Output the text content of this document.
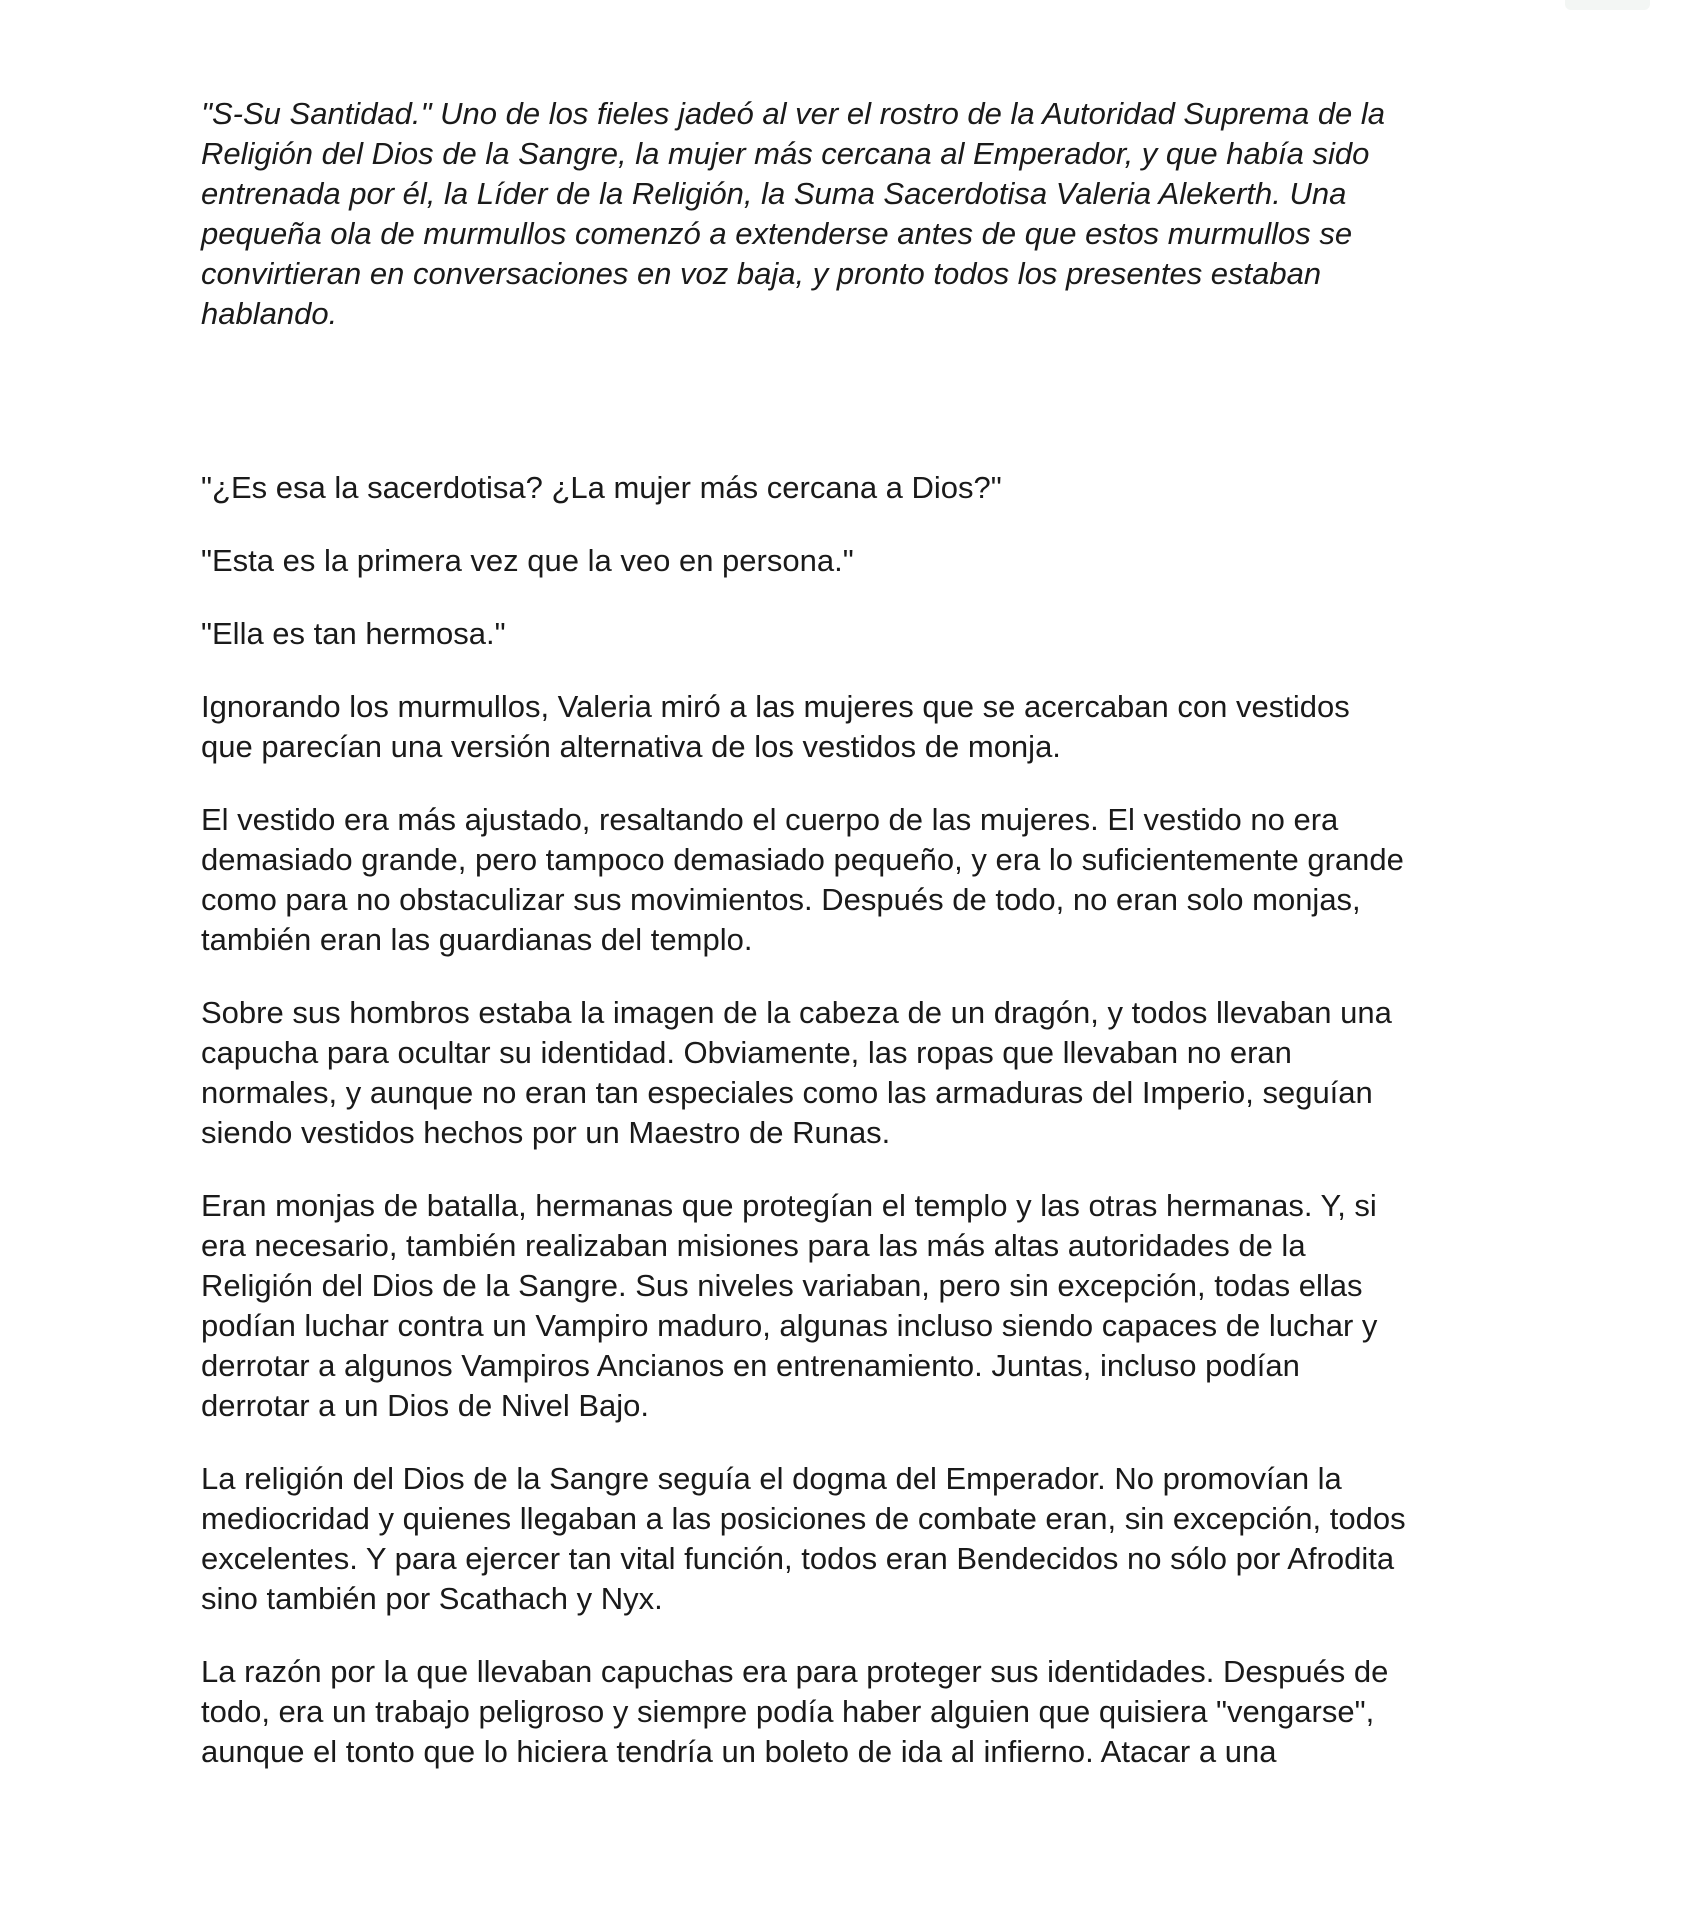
"S-Su Santidad." Uno de los fieles jadeó al ver el rostro de la Autoridad Suprema de la
Religión del Dios de la Sangre, la mujer más cercana al Emperador, y que había sido
entrenada por él, la Líder de la Religión, la Suma Sacerdotisa Valeria Alekerth. Una
pequeña ola de murmullos comenzó a extenderse antes de que estos murmullos se
convirtieran en conversaciones en voz baja, y pronto todos los presentes estaban
hablando.

"¿Es esa la sacerdotisa? ¿La mujer más cercana a Dios?"

"Esta es la primera vez que la veo en persona."

"Ella es tan hermosa."

Ignorando los murmullos, Valeria miró a las mujeres que se acercaban con vestidos
que parecían una versión alternativa de los vestidos de monja.

El vestido era más ajustado, resaltando el cuerpo de las mujeres. El vestido no era
demasiado grande, pero tampoco demasiado pequeño, y era lo suficientemente grande
como para no obstaculizar sus movimientos. Después de todo, no eran solo monjas,
también eran las guardianas del templo.

Sobre sus hombros estaba la imagen de la cabeza de un dragón, y todos llevaban una
capucha para ocultar su identidad. Obviamente, las ropas que llevaban no eran
normales, y aunque no eran tan especiales como las armaduras del Imperio, seguían
siendo vestidos hechos por un Maestro de Runas.

Eran monjas de batalla, hermanas que protegían el templo y las otras hermanas. Y, si
era necesario, también realizaban misiones para las más altas autoridades de la
Religión del Dios de la Sangre. Sus niveles variaban, pero sin excepción, todas ellas
podían luchar contra un Vampiro maduro, algunas incluso siendo capaces de luchar y
derrotar a algunos Vampiros Ancianos en entrenamiento. Juntas, incluso podían
derrotar a un Dios de Nivel Bajo.

La religión del Dios de la Sangre seguía el dogma del Emperador. No promovían la
mediocridad y quienes llegaban a las posiciones de combate eran, sin excepción, todos
excelentes. Y para ejercer tan vital función, todos eran Bendecidos no sólo por Afrodita
sino también por Scathach y Nyx.

La razón por la que llevaban capuchas era para proteger sus identidades. Después de
todo, era un trabajo peligroso y siempre podía haber alguien que quisiera "vengarse",
aunque el tonto que lo hiciera tendría un boleto de ida al infierno. Atacar a una
